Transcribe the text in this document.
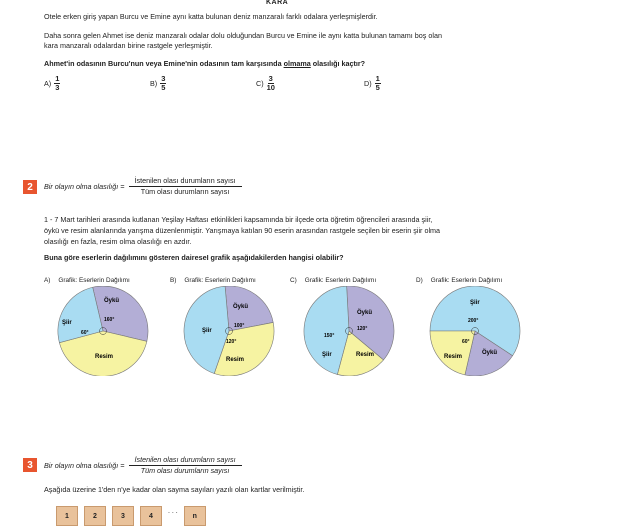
KARA
Otele erken giriş yapan Burcu ve Emine aynı katta bulunan deniz manzaralı farklı odalara yerleşmişlerdir.
Daha sonra gelen Ahmet ise deniz manzaralı odalar dolu olduğundan Burcu ve Emine ile aynı katta bulunan tamamı boş olan
kara manzaralı odalardan birine rastgele yerleşmiştir.
Ahmet'in odasının Burcu'nun veya Emine'nin odasının tam karşısında olmama olasılığı kaçtır?
$A) \frac{1}{3}$	$B) \frac{3}{5}$	$C) \frac{3}{10}$	$D) \frac{1}{5}$
2	Bir olayın olma olasılığı =
İstenilen olası durumların sayısı
Tüm olası durumların sayısı
1 - 7 Mart tarihleri arasında kutlanan Yeşilay Haftası etkinlikleri kapsamında bir ilçede orta öğretim öğrencileri arasında şiir,
öykü ve resim alanlarında yarışma düzenlenmiştir. Yarışmaya katılan 90 eserin arasından rastgele seçilen bir eserin şiir olma
olasılığı en fazla, resim olma olasılığı en azdır.
Buna göre eserlerin dağılımını gösteren daireseI grafik aşağıdakilerden hangisi olabilir?
A) Grafik: Eserlerin Dağılımı
Öykü
160°
Şiir
60°
Resim
B) Grafik: Eserlerin Dağılımı
Öykü
100°
Şiir
120°
Resim
C) Grafik: Eserlerin Dağılımı
Öykü
120°
150°
Şiir	Resim
D) Grafik: Eserlerin Dağılımı
Şiir
200°
Öykü
60°
Resim
3	Bir olayın olma olasılığı =
İstenilen olası durumların sayısı
Tüm olası durumların sayısı
Aşağıda üzerine 1'den n'ye kadar olan sayma sayıları yazılı olan kartlar verilmiştir.
1	2	3	4
. . .
n
